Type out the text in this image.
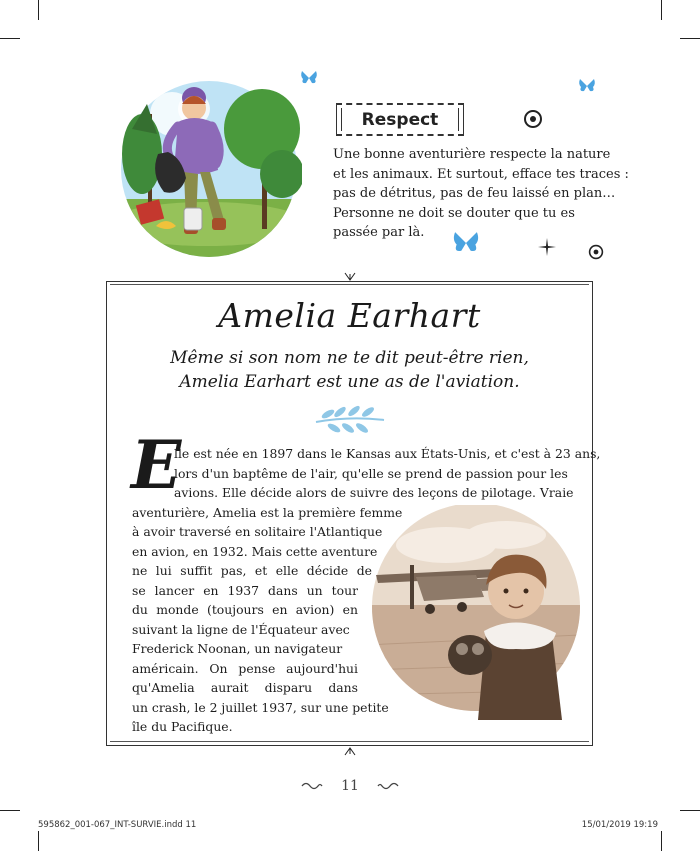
Respect
Une bonne aventurière respecte la nature
et les animaux. Et surtout, efface tes traces :
pas de détritus, pas de feu laissé en plan…
Personne ne doit se douter que tu es
passée par là.
Amelia Earhart
Même si son nom ne te dit peut-être rien,
Amelia Earhart est une as de l'aviation.
E
lle est née en 1897 dans le Kansas aux États-Unis, et c'est à 23 ans,
lors d'un baptême de l'air, qu'elle se prend de passion pour les
avions. Elle décide alors de suivre des leçons de pilotage. Vraie
aventurière, Amelia est la première femme
à avoir traversé en solitaire l'Atlantique
en avion, en 1932. Mais cette aventure
ne lui suffit pas, et elle décide de
se lancer en 1937 dans un tour
du monde (toujours en avion) en
suivant la ligne de l'Équateur avec
Frederick Noonan, un navigateur
américain. On pense aujourd'hui
qu'Amelia aurait disparu dans
un crash, le 2 juillet 1937, sur une petite
île du Pacifique.
11
595862_001-067_INT-SURVIE.indd 11	15/01/2019 19:19
